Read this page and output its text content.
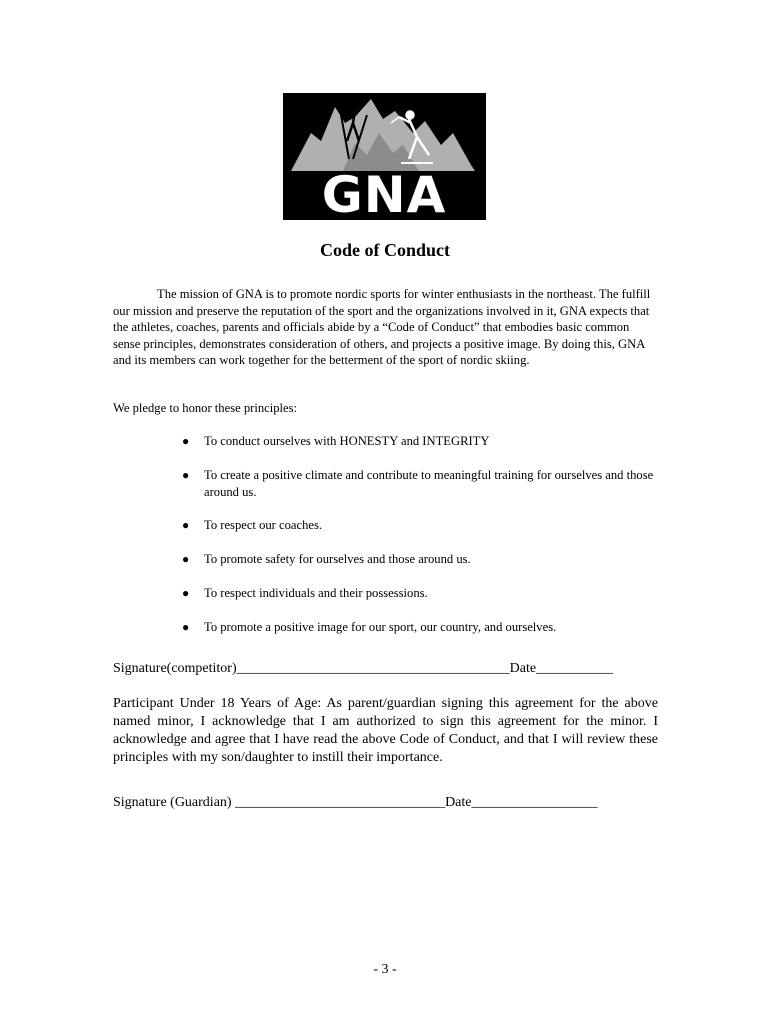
GNA
Code of Conduct

The mission of GNA is to promote nordic sports for winter enthusiasts in the northeast. The fulfill our mission and preserve the reputation of the sport and the organizations involved in it, GNA expects that the athletes, coaches, parents and officials abide by a “Code of Conduct” that embodies basic common sense principles, demonstrates consideration of others, and projects a positive image. By doing this, GNA and its members can work together for the betterment of the sport of nordic skiing.

We pledge to honor these principles:

● To conduct ourselves with HONESTY and INTEGRITY
● To create a positive climate and contribute to meaningful training for ourselves and those around us.
● To respect our coaches.
● To promote safety for ourselves and those around us.
● To respect individuals and their possessions.
● To promote a positive image for our sport, our country, and ourselves.
Signature(competitor)_______________________________________Date___________

Participant Under 18 Years of Age: As parent/guardian signing this agreement for the above named minor, I acknowledge that I am authorized to sign this agreement for the minor. I acknowledge and agree that I have read the above Code of Conduct, and that I will review these principles with my son/daughter to instill their importance.

Signature (Guardian) ______________________________Date__________________
- 3 -
